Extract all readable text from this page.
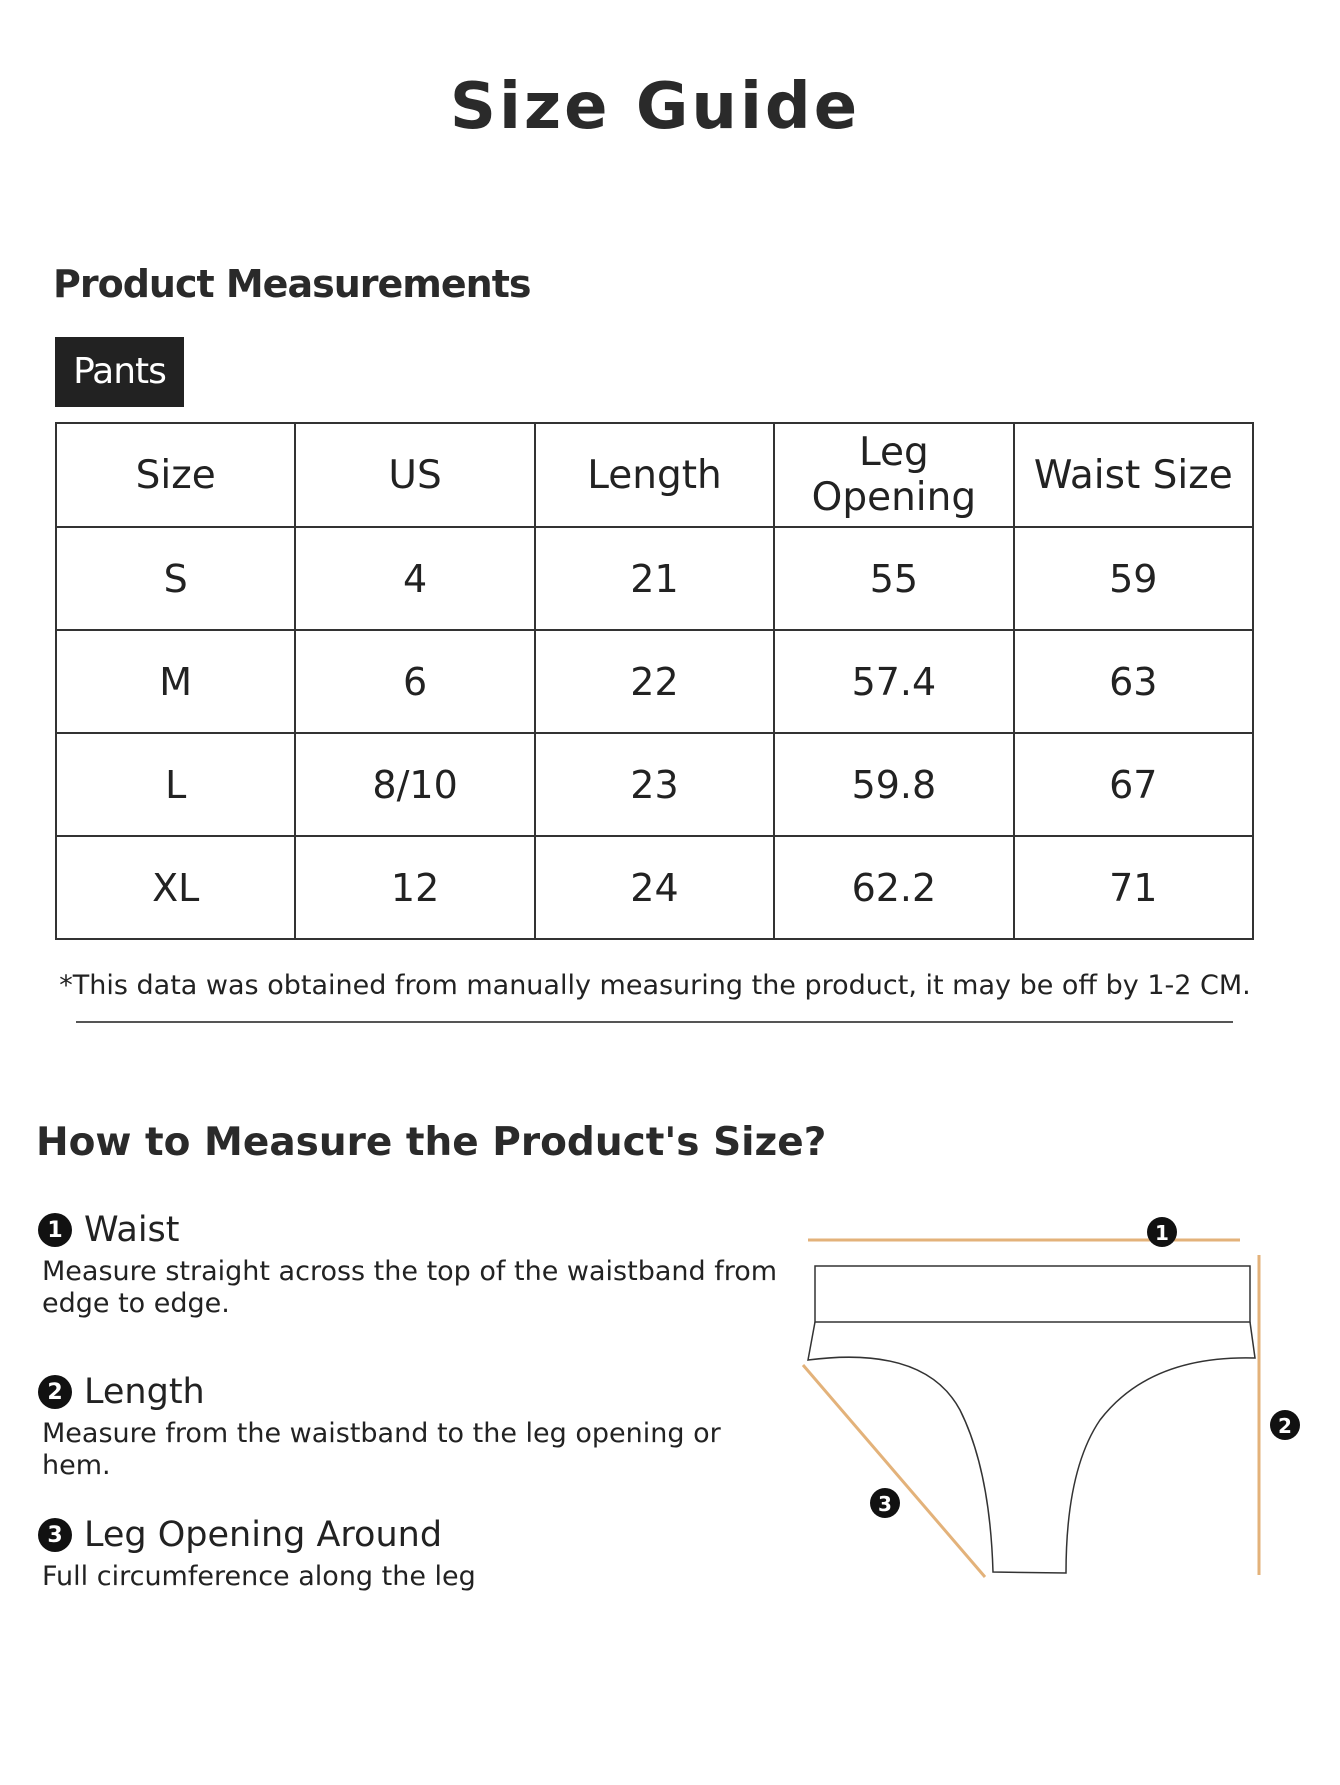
Size Guide
Product Measurements
Pants
Size	US	Length	Leg Opening	Waist Size
S	4	21	55	59
M	6	22	57.4	63
L	8/10	23	59.8	67
XL	12	24	62.2	71
*This data was obtained from manually measuring the product, it may be off by 1-2 CM.
How to Measure the Product's Size?
1 Waist
Measure straight across the top of the waistband from edge to edge.
2 Length
Measure from the waistband to the leg opening or hem.
3 Leg Opening Around
Full circumference along the leg
1
2
3
